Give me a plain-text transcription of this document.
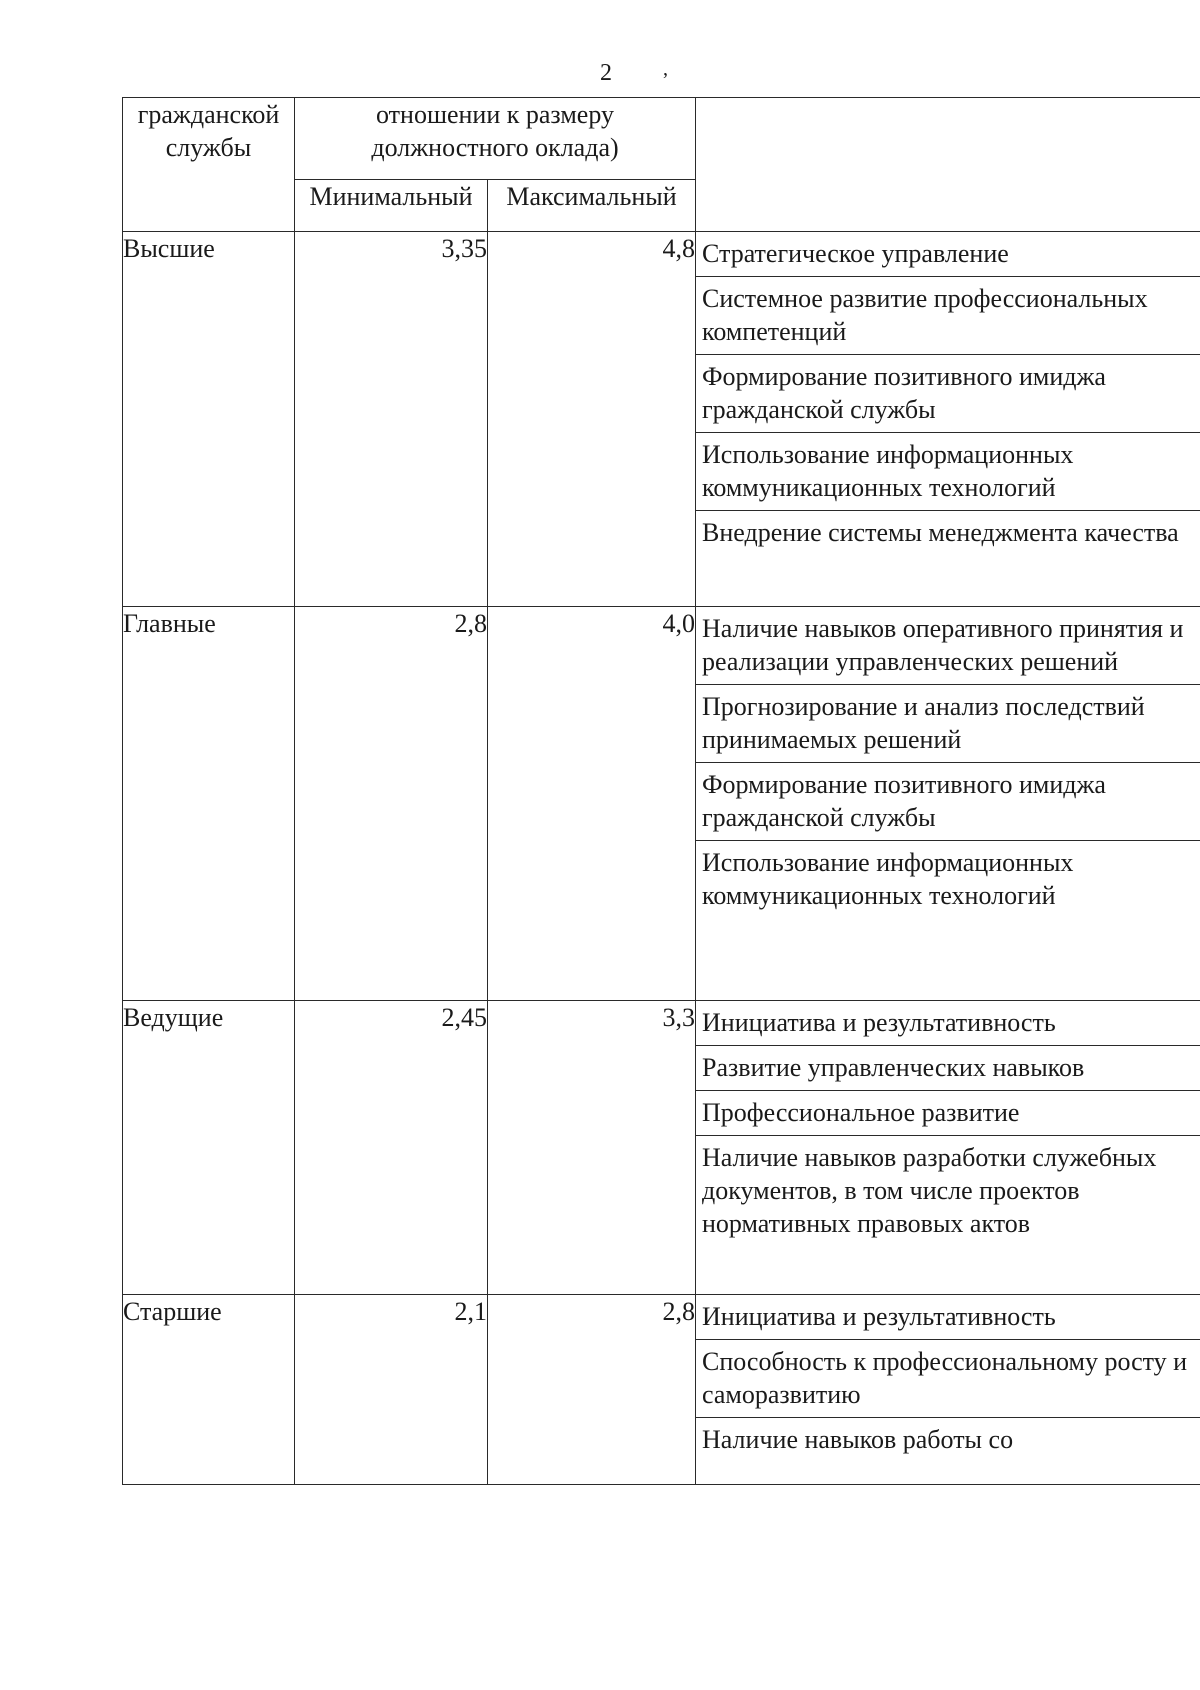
2	,
гражданской службы	отношении к размеру должностного оклада)		
	Минимальный	Максимальный	
Высшие	3,35	4,8	Стратегическое управление
Системное развитие профессиональных компетенций
Формирование позитивного имиджа гражданской службы
Использование информационных коммуникационных технологий
Внедрение системы менеджмента качества

Главные	2,8	4,0	Наличие навыков оперативного принятия и реализации управленческих решений
Прогнозирование и анализ последствий принимаемых решений
Формирование позитивного имиджа гражданской службы
Использование информационных коммуникационных технологий

Ведущие	2,45	3,3	Инициатива и результативность
Развитие управленческих навыков
Профессиональное развитие
Наличие навыков разработки служебных документов, в том числе проектов нормативных правовых актов

Старшие	2,1	2,8	Инициатива и результативность
Способность к профессиональному росту и саморазвитию
Наличие навыков работы со
